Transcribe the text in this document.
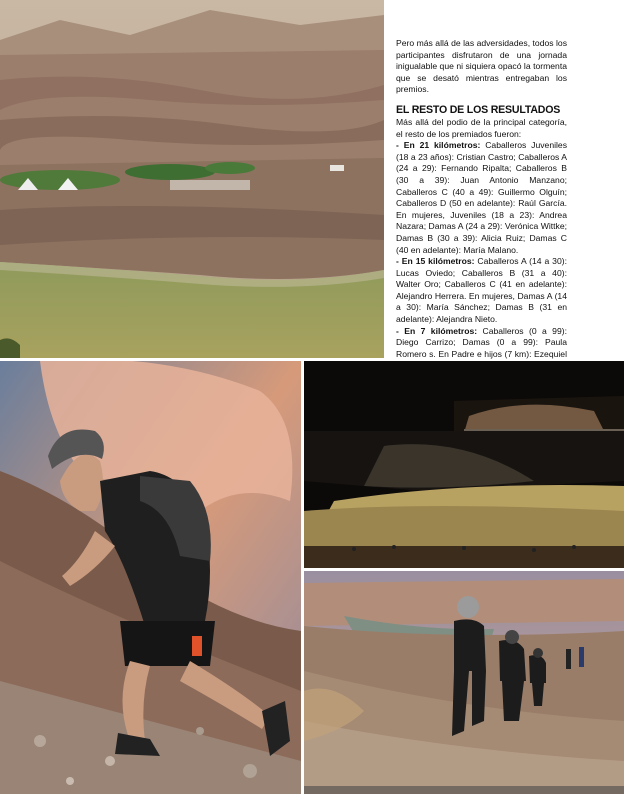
Pero más allá de las adversidades, todos los participantes disfrutaron de una jornada inigualable que ni siquiera opacó la tormenta que se desató mientras entregaban los premios.

EL RESTO DE LOS RESULTADOS

Más allá del podio de la principal categoría, el resto de los premiados fueron:

- En 21 kilómetros: Caballeros Juveniles (18 a 23 años): Cristian Castro; Caballeros A (24 a 29): Fernando Ripalta; Caballeros B (30 a 39): Juan Antonio Manzano; Caballeros C (40 a 49): Guillermo Olguín; Caballeros D (50 en adelante): Raúl García. En mujeres, Juveniles (18 a 23): Andrea Nazara; Damas A (24 a 29): Verónica Wittke; Damas B (30 a 39): Alicia Ruiz; Damas C (40 en adelante): María Malano.

- En 15 kilómetros: Caballeros A (14 a 30): Lucas Oviedo; Caballeros B (31 a 40): Walter Oro; Caballeros C (41 en adelante): Alejandro Herrera. En mujeres, Damas A (14 a 30): María Sánchez; Damas B (31 en adelante): Alejandra Nieto.

- En 7 kilómetros: Caballeros (0 a 99): Diego Carrizo; Damas (0 a 99): Paula Romero s. En Padre e hijos (7 km): Ezequiel
